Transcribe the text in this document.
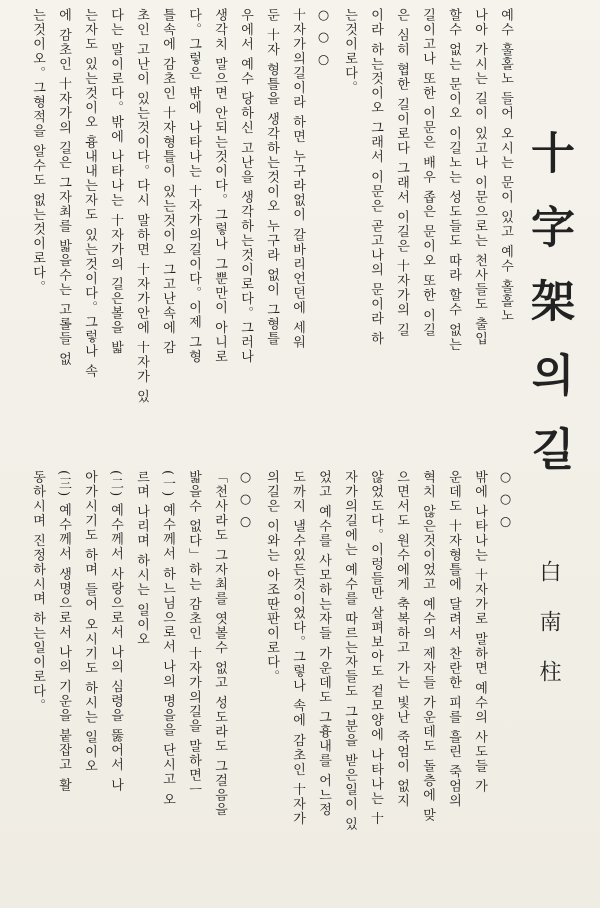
十字架의길
白南柱
예수 훌홀노 들어 오시는 문이 있고 예수 홀홀노
나아 가시는 길이 있고나 이문으로는 천사들도 출입
할수 없는 문이오 이길노는 성도들도 따라 할수 없는
길이고나 또한 이문은 배우 좁은 문이오 또한 이길
은 심히 협한 길이로다 그래서 이길은 十자가의 길
이라 하는것이오 그래서 이문은 곧고나의 문이라 하
는것이로다。
○ ○ ○
十자가의길이라 하면 누구라없이 갈바리언던에 세워
둔 十자 형틀을 생각하는것이오 누구라 없이 그형틀
우에서 예수 당하신 고난을 생각하는것이로다。그러나
생각치 말으면 안되는것이다。그렇나 그뿐만이 아니로
다。그렇은 밖에 나타나는 十자가의길이다。이제 그형
틀속에 감초인 十자형틀이 있는것이오 그고난속에 감
초인 고난이 있는것이다。다시 말하면 十자가안에 十자가 있
다는 말이로다。밖에 나타나는 十자가의 길은볼을 밟
는자도 있는것이오 흉내내는자도 있는것이다。그렇나 속
에 감초인 十자가의 길은 그자최를 밟을수는 고롤들 없
는것이오。그형적을 알수도 없는것이로다。
○ ○ ○
밖에 나타나는 十자가로 말하면 예수의 사도들 가
운데도 十자형틀에 달려서 찬란한 피를 흘린 죽엄의
혁치 않은것이었고 예수의 제자들 가운데도 돌층에 맞
으면서도 원수에게 축복하고 가는 빛난 죽엄이 없지
않었도다。이렁들만 살펴보아도 겉모양에 나타나는 十
자가의길에는 예수를 따르는자들도 그분을 받은일이 있
었고 예수를 사모하는자들 가운데도 그흉내를 어느정
도까지 낼수있든것이었다。그렇나 속에 감초인 十자가
의길은 이와는 아조딴판이로다。
○ ○ ○
「천사라도 그자최를 엿볼수 없고 성도라도 그걸음을
밟을수 없다」하는 감초인 十자가의길을 말하면ㅡ
(一) 예수께서 하느님으로서 나의 명을을 단시고 오
르며 나리며 하시는 일이오
(二) 예수께서 사랑으로서 나의 심령을 뚫어서 나
아가시기도 하며 들어 오시기도 하시는 일이오
(三) 예수께서 생명으로서 나의 기운을 붙잡고 활
동하시며 진정하시며 하는일이로다。
